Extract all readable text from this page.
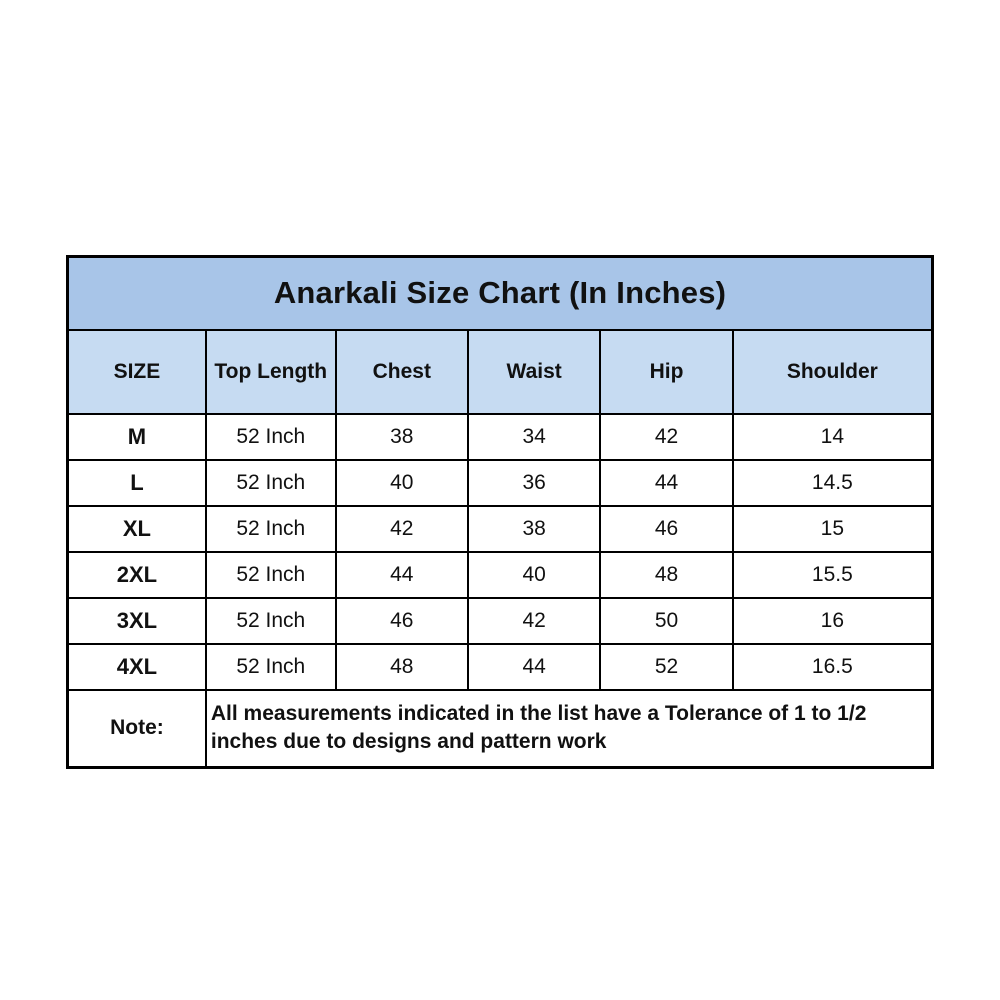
Anarkali Size Chart (In Inches)					
SIZE	Top Length	Chest	Waist	Hip	Shoulder
M	52 Inch	38	34	42	14
L	52 Inch	40	36	44	14.5
XL	52 Inch	42	38	46	15
2XL	52 Inch	44	40	48	15.5
3XL	52 Inch	46	42	50	16
4XL	52 Inch	48	44	52	16.5
Note:	All measurements indicated in the list have a Tolerance of 1 to 1/2 inches due to designs and pattern work				
